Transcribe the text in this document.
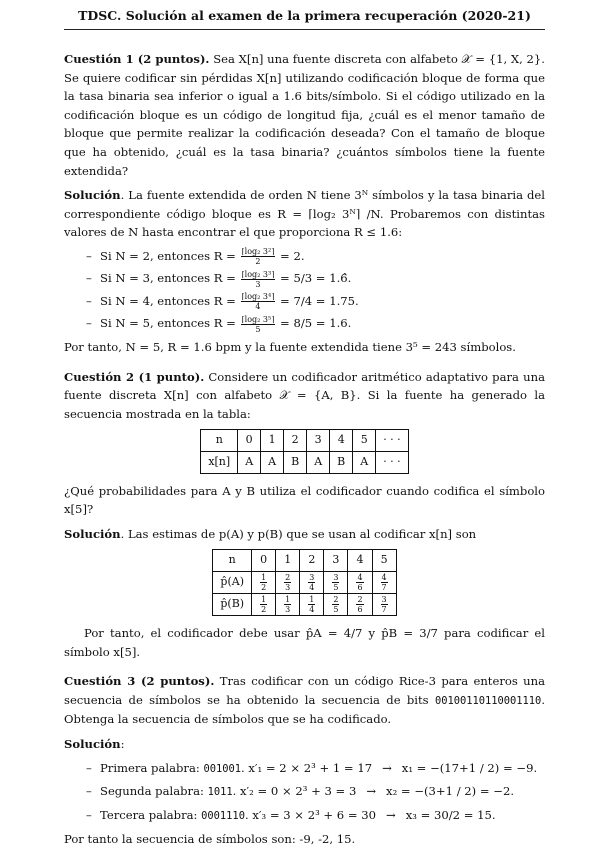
TDSC. Solución al examen de la primera recuperación (2020-21)

Cuestión 1 (2 puntos). Sea X[n] una fuente discreta con alfabeto 𝒳 = {1, X, 2}. Se quiere codificar sin pérdidas X[n] utilizando codificación bloque de forma que la tasa binaria sea inferior o igual a 1.6 bits/símbolo. Si el código utilizado en la codificación bloque es un código de longitud fija, ¿cuál es el menor tamaño de bloque que permite realizar la codificación deseada? Con el tamaño de bloque que ha obtenido, ¿cuál es la tasa binaria? ¿cuántos símbolos tiene la fuente extendida?

Solución. La fuente extendida de orden N tiene 3ᴺ símbolos y la tasa binaria del correspondiente código bloque es R = ⌈log₂ 3ᴺ⌉ /N. Probaremos con distintas valores de N hasta encontrar el que proporciona R ≤ 1.6:

– Si N = 2, entonces $R = \frac{\text{⌈log₂ 3²⌉}}{2} = 2$.
– Si N = 3, entonces $R = \frac{\text{⌈log₂ 3³⌉}}{3} = 5/3$ = 1.6̂.
– Si N = 4, entonces $R = \frac{\text{⌈log₂ 3⁴⌉}}{4} = 7/4 = 1.75$.
– Si N = 5, entonces $R = \frac{\text{⌈log₂ 3⁵⌉}}{5} = 8/5 = 1.6$.

Por tanto, N = 5, R = 1.6 bpm y la fuente extendida tiene 3⁵ = 243 símbolos.

Cuestión 2 (1 punto). Considere un codificador aritmético adaptativo para una fuente discreta X[n] con alfabeto 𝒳 = {A, B}. Si la fuente ha generado la secuencia mostrada en la tabla:

n	0	1	2	3	4	5	· · ·
x[n]	A	A	B	A	B	A	· · ·

¿Qué probabilidades para A y B utiliza el codificador cuando codifica el símbolo x[5]?

Solución. Las estimas de p(A) y p(B) que se usan al codificar x[n] son

n	0	1	2	3	4	5
p̂(A)	$\frac{1}{2}$	$\frac{2}{3}$	$\frac{3}{4}$	$\frac{3}{5}$	$\frac{4}{6}$	$\frac{4}{7}$

p̂(B)	$\frac{1}{2}$	$\frac{1}{3}$	$\frac{1}{4}$	$\frac{2}{5}$	$\frac{2}{6}$	$\frac{3}{7}$

Por tanto, el codificador debe usar p̂A = 4/7 y p̂B = 3/7 para codificar el símbolo x[5].

Cuestión 3 (2 puntos). Tras codificar con un código Rice-3 para enteros una secuencia de símbolos se ha obtenido la secuencia de bits 00100110110001110. Obtenga la secuencia de símbolos que se ha codificado.

Solución:

– Primera palabra: 001001. x′₁ = 2 × 2³ + 1 = 17 → x₁ = −(17+1 / 2) = −9.
– Segunda palabra: 1011. x′₂ = 0 × 2³ + 3 = 3 → x₂ = −(3+1 / 2) = −2.
– Tercera palabra: 0001110. x′₃ = 3 × 2³ + 6 = 30 → x₃ = 30/2 = 15.

Por tanto la secuencia de símbolos son: -9, -2, 15.
